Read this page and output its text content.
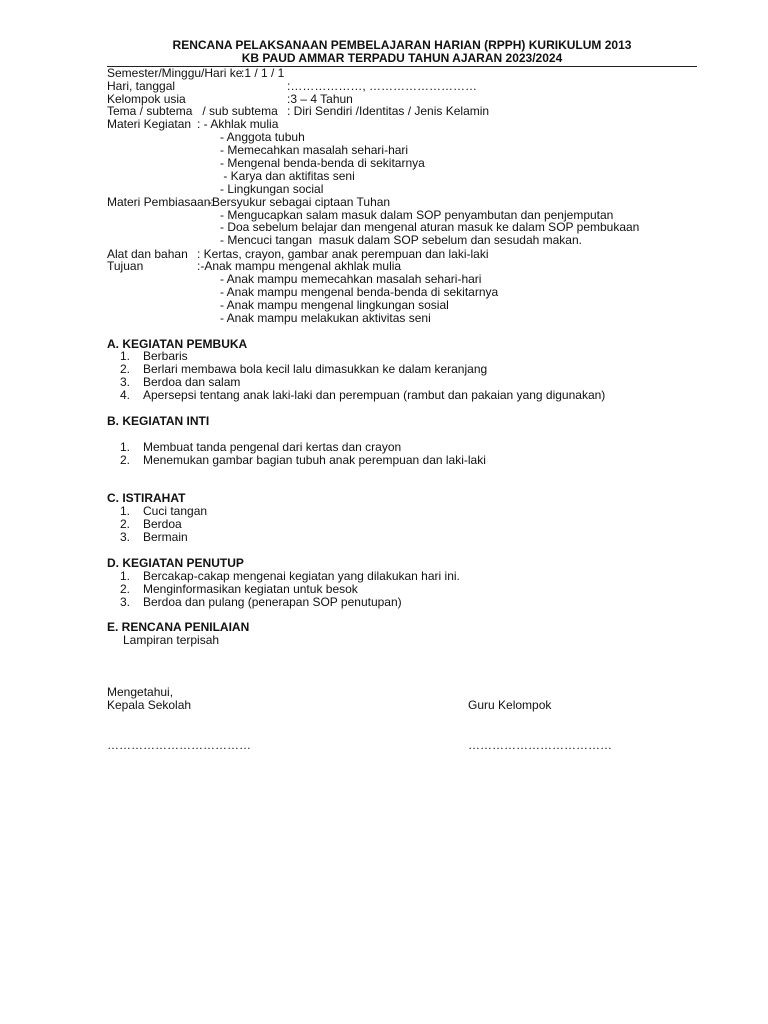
RENCANA PELAKSANAAN PEMBELAJARAN HARIAN (RPPH) KURIKULUM 2013
KB PAUD AMMAR TERPADU TAHUN AJARAN 2023/2024
Semester/Minggu/Hari ke
:1 / 1 / 1
Hari, tanggal	:………………, ………………………
Kelompok usia	:3 – 4 Tahun
Tema / subtema   / sub subtema : Diri Sendiri /Identitas / Jenis Kelamin
Materi Kegiatan : - Akhlak mulia
- Anggota tubuh
- Memecahkan masalah sehari-hari
- Mengenal benda-benda di sekitarnya
- Karya dan aktifitas seni
- Lingkungan social
Materi Pembiasaan:
-Bersyukur sebagai ciptaan Tuhan
- Mengucapkan salam masuk dalam SOP penyambutan dan penjemputan
- Doa sebelum belajar dan mengenal aturan masuk ke dalam SOP pembukaan
- Mencuci tangan  masuk dalam SOP sebelum dan sesudah makan.
Alat dan bahan : Kertas, crayon, gambar anak perempuan dan laki-laki
Tujuan	:-Anak mampu mengenal akhlak mulia
- Anak mampu memecahkan masalah sehari-hari
- Anak mampu mengenal benda-benda di sekitarnya
- Anak mampu mengenal lingkungan sosial
- Anak mampu melakukan aktivitas seni
A. KEGIATAN PEMBUKA
1. Berbaris
2. Berlari membawa bola kecil lalu dimasukkan ke dalam keranjang
3. Berdoa dan salam
4. Apersepsi tentang anak laki-laki dan perempuan (rambut dan pakaian yang digunakan)
B. KEGIATAN INTI
1. Membuat tanda pengenal dari kertas dan crayon
2. Menemukan gambar bagian tubuh anak perempuan dan laki-laki
C. ISTIRAHAT
1. Cuci tangan
2. Berdoa
3. Bermain
D. KEGIATAN PENUTUP
1. Bercakap-cakap mengenai kegiatan yang dilakukan hari ini.
2. Menginformasikan kegiatan untuk besok
3. Berdoa dan pulang (penerapan SOP penutupan)
E. RENCANA PENILAIAN
Lampiran terpisah
Mengetahui,
Kepala Sekolah	Guru Kelompok
………………………………	………………………………
